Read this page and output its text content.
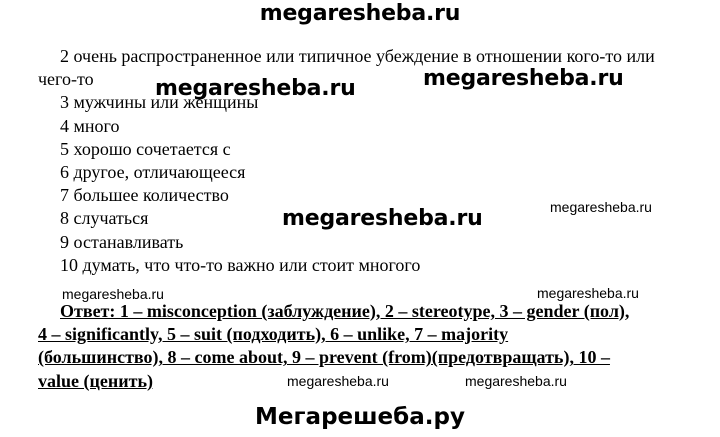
megaresheba.ru
2 очень распространенное или типичное убеждение в отношении кого-то или чего-то
3 мужчины или женщины
4 много
5 хорошо сочетается с
6 другое, отличающееся
7 большее количество
8 случаться
9 останавливать
10 думать, что что-то важно или стоит многого
Ответ: 1 – misconception (заблуждение), 2 – stereotype, 3 – gender (пол),
4 – significantly, 5 – suit (подходить), 6 – unlike, 7 – majority
(большинство), 8 – come about, 9 – prevent (from)(предотвращать), 10 –
value (ценить)
megaresheba.ru	megaresheba.ru
megaresheba.ru	megaresheba.ru
megaresheba.ru	megaresheba.ru
megaresheba.ru	megaresheba.ru
Мегарешеба.ру
